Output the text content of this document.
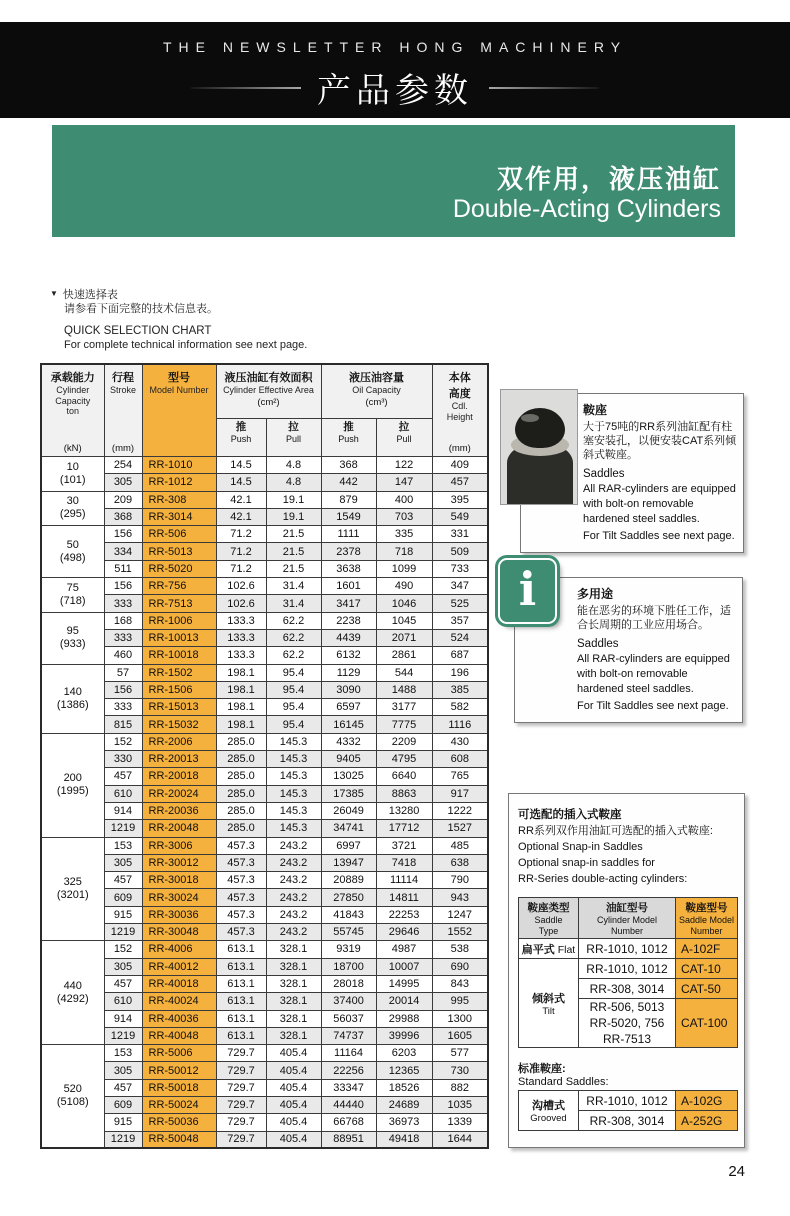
THE NEWSLETTER HONG MACHINERY
产品参数
双作用，液压油缸
Double-Acting Cylinders
▼ 快速选择表
请参看下面完整的技术信息表。
QUICK SELECTION CHART
For complete technical information see next page.
承载能力
Cylinder Capacity
ton
(kN)	行程
Stroke
(mm)	型号
Model Number	液压油缸有效面积
Cylinder Effective Area
(cm²)		液压油容量
Oil Capacity
(cm³)		本体
高度
Cdl.
Height
(mm)

			推
Push	拉
Pull	推
Push	拉
Pull	

10
(101)	254	RR-1010	14.5	4.8	368	122	409
	305	RR-1012	14.5	4.8	442	147	457

30
(295)	209	RR-308	42.1	19.1	879	400	395
	368	RR-3014	42.1	19.1	1549	703	549

50
(498)	156	RR-506	71.2	21.5	1111	335	331
	334	RR-5013	71.2	21.5	2378	718	509
	511	RR-5020	71.2	21.5	3638	1099	733

75
(718)	156	RR-756	102.6	31.4	1601	490	347
	333	RR-7513	102.6	31.4	3417	1046	525

95
(933)	168	RR-1006	133.3	62.2	2238	1045	357
	333	RR-10013	133.3	62.2	4439	2071	524
	460	RR-10018	133.3	62.2	6132	2861	687

140
(1386)	57	RR-1502	198.1	95.4	1129	544	196
	156	RR-1506	198.1	95.4	3090	1488	385
	333	RR-15013	198.1	95.4	6597	3177	582
	815	RR-15032	198.1	95.4	16145	7775	1116

200
(1995)	152	RR-2006	285.0	145.3	4332	2209	430
	330	RR-20013	285.0	145.3	9405	4795	608
	457	RR-20018	285.0	145.3	13025	6640	765
	610	RR-20024	285.0	145.3	17385	8863	917
	914	RR-20036	285.0	145.3	26049	13280	1222
	1219	RR-20048	285.0	145.3	34741	17712	1527

325
(3201)	153	RR-3006	457.3	243.2	6997	3721	485
	305	RR-30012	457.3	243.2	13947	7418	638
	457	RR-30018	457.3	243.2	20889	11114	790
	609	RR-30024	457.3	243.2	27850	14811	943
	915	RR-30036	457.3	243.2	41843	22253	1247
	1219	RR-30048	457.3	243.2	55745	29646	1552

440
(4292)	152	RR-4006	613.1	328.1	9319	4987	538
	305	RR-40012	613.1	328.1	18700	10007	690
	457	RR-40018	613.1	328.1	28018	14995	843
	610	RR-40024	613.1	328.1	37400	20014	995
	914	RR-40036	613.1	328.1	56037	29988	1300
	1219	RR-40048	613.1	328.1	74737	39996	1605

520
(5108)	153	RR-5006	729.7	405.4	11164	6203	577
	305	RR-50012	729.7	405.4	22256	12365	730
	457	RR-50018	729.7	405.4	33347	18526	882
	609	RR-50024	729.7	405.4	44440	24689	1035
	915	RR-50036	729.7	405.4	66768	36973	1339
	1219	RR-50048	729.7	405.4	88951	49418	1644
鞍座
大于75吨的RR系列油缸配有柱塞安装孔，以便安装CAT系列倾斜式鞍座。
Saddles
All RAR-cylinders are equipped with bolt-on removable hardened steel saddles.
For Tilt Saddles see next page.
i	多用途
能在恶劣的环境下胜任工作，适合长周期的工业应用场合。
Saddles
All RAR-cylinders are equipped with bolt-on removable hardened steel saddles.
For Tilt Saddles see next page.
可选配的插入式鞍座
RR系列双作用油缸可选配的插入式鞍座:
Optional Snap-in Saddles
Optional snap-in saddles for
RR-Series double-acting cylinders:
鞍座类型
Saddle
Type	油缸型号
Cylinder Model
Number	鞍座型号
Saddle Model
Number

扁平式 Flat	RR-1010, 1012	A-102F

倾斜式
Tilt	RR-1010, 1012	CAT-10
	RR-308, 3014	CAT-50

	RR-506, 5013
RR-5020, 756
RR-7513	CAT-100
标准鞍座:
Standard Saddles:
沟槽式
Grooved	RR-1010, 1012	A-102G
	RR-308, 3014	A-252G
24
